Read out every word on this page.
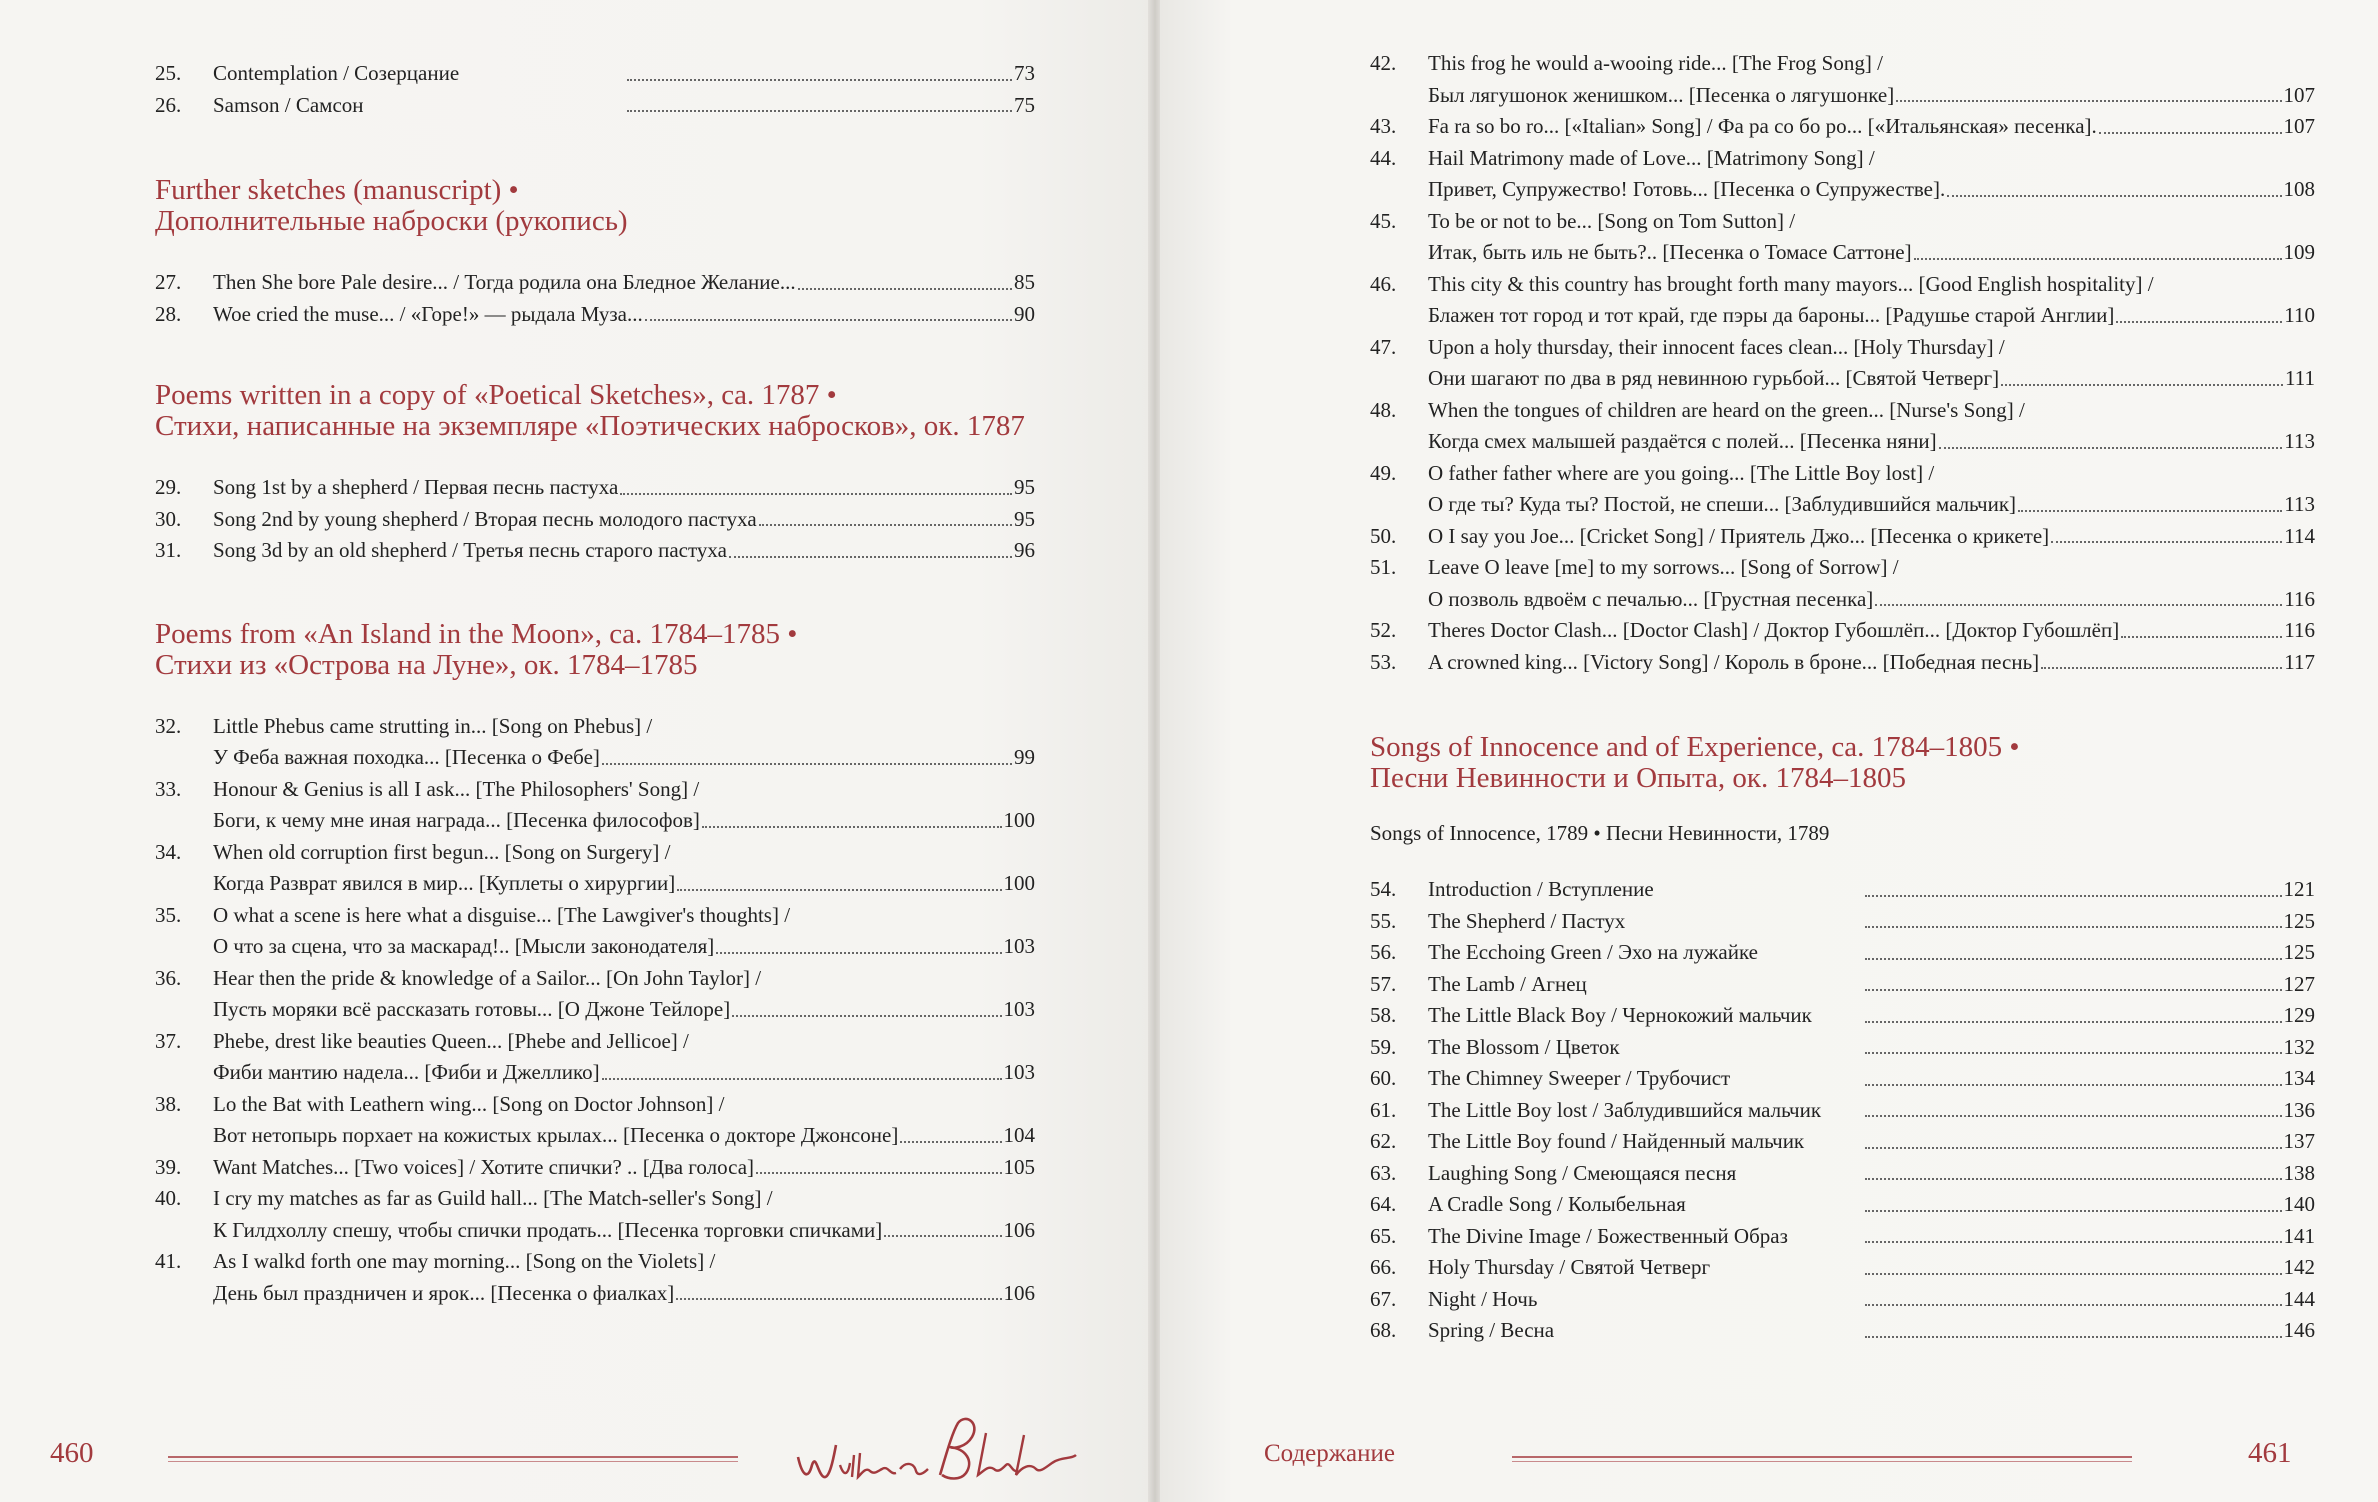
25.	Contemplation / Созерцание	73
26.	Samson / Самсон	75
Further sketches (manuscript) •
Дополнительные наброски (рукопись)
27.	Then She bore Pale desire... / Тогда родила она Бледное Желание...	85
28.	Woe cried the muse... / «Горе!» — рыдала Муза...	90
Poems written in a copy of «Poetical Sketches», ca. 1787 •
Стихи, написанные на экземпляре «Поэтических набросков», ок. 1787
29.	Song 1st by a shepherd / Первая песнь пастуха	95
30.	Song 2nd by young shepherd / Вторая песнь молодого пастуха	95
31.	Song 3d by an old shepherd / Третья песнь старого пастуха	96
Poems from «An Island in the Moon», ca. 1784–1785 •
Стихи из «Острова на Луне», ок. 1784–1785
32.	Little Phebus came strutting in... [Song on Phebus] /
У Феба важная походка... [Песенка о Фебе]	99
33.	Honour & Genius is all I ask... [The Philosophers' Song] /
Боги, к чему мне иная награда... [Песенка философов]	100
34.	When old corruption first begun... [Song on Surgery] /
Когда Разврат явился в мир... [Куплеты о хирургии]	100
35.	O what a scene is here what a disguise... [The Lawgiver's thoughts] /
О что за сцена, что за маскарад!.. [Мысли законодателя]	103
36.	Hear then the pride & knowledge of a Sailor... [On John Taylor] /
Пусть моряки всё рассказать готовы... [О Джоне Тейлоре]	103
37.	Phebe, drest like beauties Queen... [Phebe and Jellicoe] /
Фиби мантию надела... [Фиби и Джеллико]	103
38.	Lo the Bat with Leathern wing... [Song on Doctor Johnson] /
Вот нетопырь порхает на кожистых крылах... [Песенка о докторе Джонсоне]	104
39.	Want Matches... [Two voices] / Хотите спички? .. [Два голоса]	105
40.	I cry my matches as far as Guild hall... [The Match-seller's Song] /
К Гилдхоллу спешу, чтобы спички продать... [Песенка торговки спичками]	106
41.	As I walkd forth one may morning... [Song on the Violets] /
День был праздничен и ярок... [Песенка о фиалках]	106
460
42.	This frog he would a-wooing ride... [The Frog Song] /
Был лягушонок женишком... [Песенка о лягушонке]	107
43.	Fa ra so bo ro... [«Italian» Song] / Фа ра со бо ро... [«Итальянская» песенка].	107
44.	Hail Matrimony made of Love... [Matrimony Song] /
Привет, Супружество! Готовь... [Песенка о Супружестве].	108
45.	To be or not to be... [Song on Tom Sutton] /
Итак, быть иль не быть?.. [Песенка о Томасе Саттоне]	109
46.	This city & this country has brought forth many mayors... [Good English hospitality] /
Блажен тот город и тот край, где пэры да бароны... [Радушье старой Англии]	110
47.	Upon a holy thursday, their innocent faces clean... [Holy Thursday] /
Они шагают по два в ряд невинною гурьбой... [Святой Четверг]	111
48.	When the tongues of children are heard on the green... [Nurse's Song] /
Когда смех малышей раздаётся с полей... [Песенка няни]	113
49.	O father father where are you going... [The Little Boy lost] /
О где ты? Куда ты? Постой, не спеши... [Заблудившийся мальчик]	113
50.	O I say you Joe... [Cricket Song] / Приятель Джо... [Песенка о крикете]	114
51.	Leave O leave [me] to my sorrows... [Song of Sorrow] /
О позволь вдвоём с печалью... [Грустная песенка]	116
52.	Theres Doctor Clash... [Doctor Clash] / Доктор Губошлёп... [Доктор Губошлёп]	116
53.	A crowned king... [Victory Song] / Король в броне... [Победная песнь]	117
Songs of Innocence and of Experience, ca. 1784–1805 •
Песни Невинности и Опыта, ок. 1784–1805
Songs of Innocence, 1789 • Песни Невинности, 1789
54.	Introduction / Вступление	121
55.	The Shepherd / Пастух	125
56.	The Ecchoing Green / Эхо на лужайке	125
57.	The Lamb / Агнец	127
58.	The Little Black Boy / Чернокожий мальчик	129
59.	The Blossom / Цветок	132
60.	The Chimney Sweeper / Трубочист	134
61.	The Little Boy lost / Заблудившийся мальчик	136
62.	The Little Boy found / Найденный мальчик	137
63.	Laughing Song / Смеющаяся песня	138
64.	A Cradle Song / Колыбельная	140
65.	The Divine Image / Божественный Образ	141
66.	Holy Thursday / Святой Четверг	142
67.	Night / Ночь	144
68.	Spring / Весна	146
Содержание	461
